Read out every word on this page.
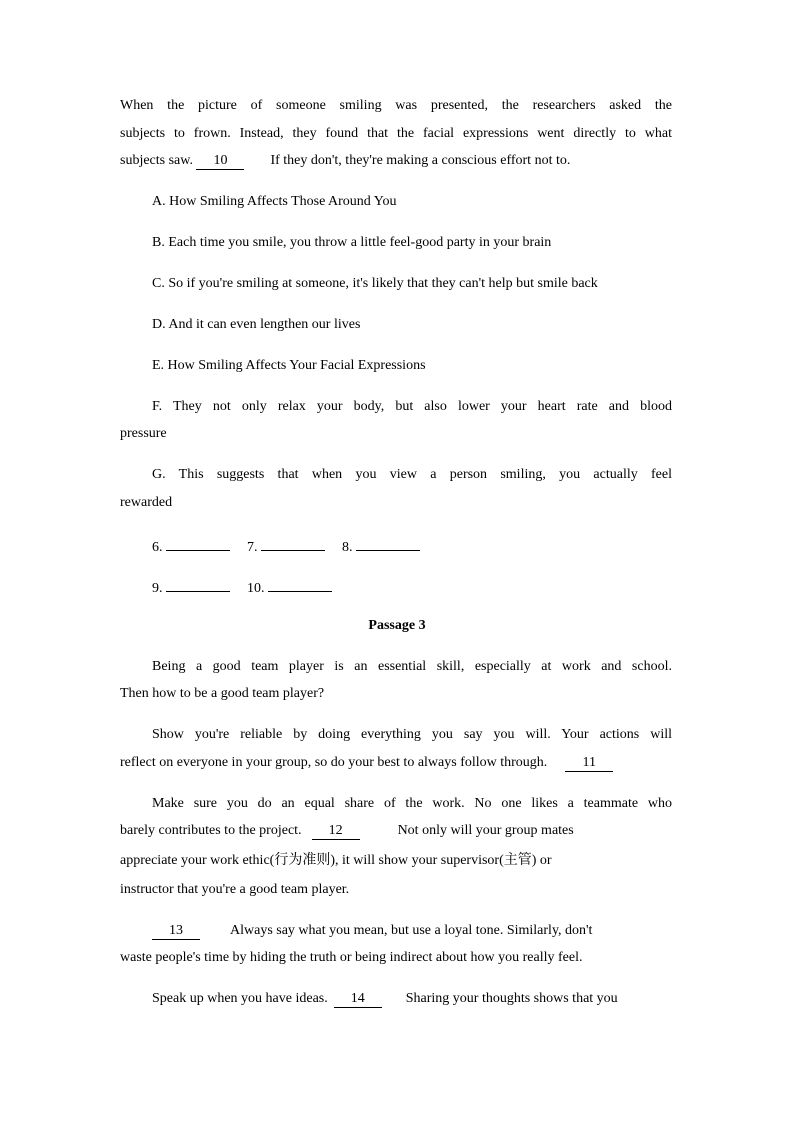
When the picture of someone smiling was presented, the researchers asked the
subjects to frown. Instead, they found that the facial expressions went directly to what
subjects saw. 10	If they don't, they're making a conscious effort not to.
A. How Smiling Affects Those Around You
B. Each time you smile, you throw a little feel-good party in your brain
C. So if you're smiling at someone, it's likely that they can't help but smile back
D. And it can even lengthen our lives
E. How Smiling Affects Your Facial Expressions
F. They not only relax your body, but also lower your heart rate and blood
pressure
G. This suggests that when you view a person smiling, you actually feel
rewarded
6.	7.	8.
9.	10.
Passage 3
Being a good team player is an essential skill, especially at work and school.
Then how to be a good team player?
Show you're reliable by doing everything you say you will. Your actions will
reflect on everyone in your group, so do your best to always follow through.	11
Make sure you do an equal share of the work. No one likes a teammate who
barely contributes to the project. 12	Not only will your group mates
appreciate your work ethic(行为准则), it will show your supervisor(主管) or
instructor that you're a good team player.
13	Always say what you mean, but use a loyal tone. Similarly, don't
waste people's time by hiding the truth or being indirect about how you really feel.
Speak up when you have ideas. 14	Sharing your thoughts shows that you
